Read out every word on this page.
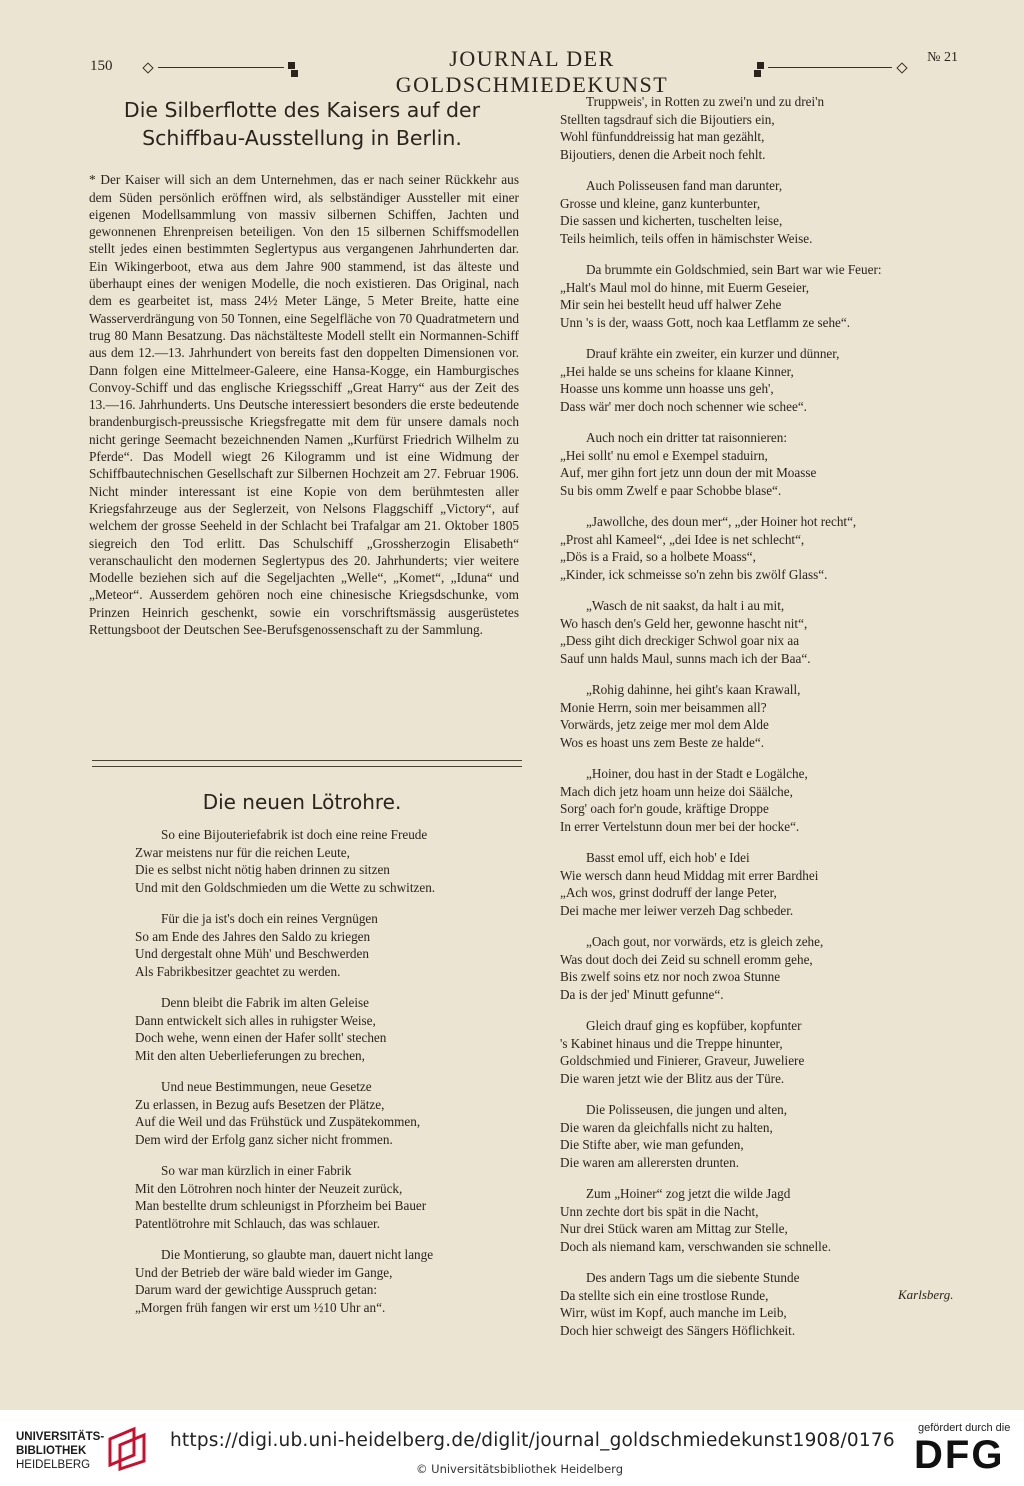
150	JOURNAL DER GOLDSCHMIEDEKUNST
№ 21
Die Silberflotte des Kaisers auf der
Schiffbau-Ausstellung in Berlin.

* Der Kaiser will sich an dem Unternehmen, das er nach seiner Rückkehr aus dem Süden persönlich eröffnen wird, als selbständiger Aussteller mit einer eigenen Modellsammlung von massiv silbernen Schiffen, Jachten und gewonnenen Ehrenpreisen beteiligen. Von den 15 silbernen Schiffsmodellen stellt jedes einen bestimmten Seglertypus aus vergangenen Jahrhunderten dar. Ein Wikingerboot, etwa aus dem Jahre 900 stammend, ist das älteste und überhaupt eines der wenigen Modelle, die noch existieren. Das Original, nach dem es gearbeitet ist, mass 24½ Meter Länge, 5 Meter Breite, hatte eine Wasserverdrängung von 50 Tonnen, eine Segelfläche von 70 Quadratmetern und trug 80 Mann Besatzung. Das nächstälteste Modell stellt ein Normannen-Schiff aus dem 12.—13. Jahrhundert von bereits fast den doppelten Dimensionen vor. Dann folgen eine Mittelmeer-Galeere, eine Hansa-Kogge, ein Hamburgisches Convoy-Schiff und das englische Kriegsschiff „Great Harry“ aus der Zeit des 13.—16. Jahrhunderts. Uns Deutsche interessiert besonders die erste bedeutende brandenburgisch-preussische Kriegsfregatte mit dem für unsere damals noch nicht geringe Seemacht bezeichnenden Namen „Kurfürst Friedrich Wilhelm zu Pferde“. Das Modell wiegt 26 Kilogramm und ist eine Widmung der Schiffbautechnischen Gesellschaft zur Silbernen Hochzeit am 27. Februar 1906. Nicht minder interessant ist eine Kopie von dem berühmtesten aller Kriegsfahrzeuge aus der Seglerzeit, von Nelsons Flaggschiff „Victory“, auf welchem der grosse Seeheld in der Schlacht bei Trafalgar am 21. Oktober 1805 siegreich den Tod erlitt. Das Schulschiff „Grossherzogin Elisabeth“ veranschaulicht den modernen Seglertypus des 20. Jahrhunderts; vier weitere Modelle beziehen sich auf die Segeljachten „Welle“, „Komet“, „Iduna“ und „Meteor“. Ausserdem gehören noch eine chinesische Kriegsdschunke, vom Prinzen Heinrich geschenkt, sowie ein vorschriftsmässig ausgerüstetes Rettungsboot der Deutschen See-Berufsgenossenschaft zu der Sammlung.

Die neuen Lötrohre.
So eine Bijouteriefabrik ist doch eine reine Freude
Zwar meistens nur für die reichen Leute,
Die es selbst nicht nötig haben drinnen zu sitzen
Und mit den Goldschmieden um die Wette zu schwitzen.
Für die ja ist's doch ein reines Vergnügen
So am Ende des Jahres den Saldo zu kriegen
Und dergestalt ohne Müh' und Beschwerden
Als Fabrikbesitzer geachtet zu werden.
Denn bleibt die Fabrik im alten Geleise
Dann entwickelt sich alles in ruhigster Weise,
Doch wehe, wenn einen der Hafer sollt' stechen
Mit den alten Ueberlieferungen zu brechen,
Und neue Bestimmungen, neue Gesetze
Zu erlassen, in Bezug aufs Besetzen der Plätze,
Auf die Weil und das Frühstück und Zuspätekommen,
Dem wird der Erfolg ganz sicher nicht frommen.
So war man kürzlich in einer Fabrik
Mit den Lötrohren noch hinter der Neuzeit zurück,
Man bestellte drum schleunigst in Pforzheim bei Bauer
Patentlötrohre mit Schlauch, das was schlauer.
Die Montierung, so glaubte man, dauert nicht lange
Und der Betrieb der wäre bald wieder im Gange,
Darum ward der gewichtige Ausspruch getan:
„Morgen früh fangen wir erst um ½10 Uhr an“.
Truppweis', in Rotten zu zwei'n und zu drei'n
Stellten tagsdrauf sich die Bijoutiers ein,
Wohl fünfunddreissig hat man gezählt,
Bijoutiers, denen die Arbeit noch fehlt.
Auch Polisseusen fand man darunter,
Grosse und kleine, ganz kunterbunter,
Die sassen und kicherten, tuschelten leise,
Teils heimlich, teils offen in hämischster Weise.
Da brummte ein Goldschmied, sein Bart war wie Feuer:
„Halt's Maul mol do hinne, mit Euerm Geseier,
Mir sein hei bestellt heud uff halwer Zehe
Unn 's is der, waass Gott, noch kaa Letflamm ze sehe“.
Drauf krähte ein zweiter, ein kurzer und dünner,
„Hei halde se uns scheins for klaane Kinner,
Hoasse uns komme unn hoasse uns geh',
Dass wär' mer doch noch schenner wie schee“.
Auch noch ein dritter tat raisonnieren:
„Hei sollt' nu emol e Exempel staduirn,
Auf, mer gihn fort jetz unn doun der mit Moasse
Su bis omm Zwelf e paar Schobbe blase“.
„Jawollche, des doun mer“, „der Hoiner hot recht“,
„Prost ahl Kameel“, „dei Idee is net schlecht“,
„Dös is a Fraid, so a holbete Moass“,
„Kinder, ick schmeisse so'n zehn bis zwölf Glass“.
„Wasch de nit saakst, da halt i au mit,
Wo hasch den's Geld her, gewonne hascht nit“,
„Dess giht dich dreckiger Schwol goar nix aa
Sauf unn halds Maul, sunns mach ich der Baa“.
„Rohig dahinne, hei giht's kaan Krawall,
Monie Herrn, soin mer beisammen all?
Vorwärds, jetz zeige mer mol dem Alde
Wos es hoast uns zem Beste ze halde“.
„Hoiner, dou hast in der Stadt e Logälche,
Mach dich jetz hoam unn heize doi Säälche,
Sorg' oach for'n goude, kräftige Droppe
In errer Vertelstunn doun mer bei der hocke“.
Basst emol uff, eich hob' e Idei
Wie wersch dann heud Middag mit errer Bardhei
„Ach wos, grinst dodruff der lange Peter,
Dei mache mer leiwer verzeh Dag schbeder.
„Oach gout, nor vorwärds, etz is gleich zehe,
Was dout doch dei Zeid su schnell eromm gehe,
Bis zwelf soins etz nor noch zwoa Stunne
Da is der jed' Minutt gefunne“.
Gleich drauf ging es kopfüber, kopfunter
's Kabinet hinaus und die Treppe hinunter,
Goldschmied und Finierer, Graveur, Juweliere
Die waren jetzt wie der Blitz aus der Türe.
Die Polisseusen, die jungen und alten,
Die waren da gleichfalls nicht zu halten,
Die Stifte aber, wie man gefunden,
Die waren am allerersten drunten.
Zum „Hoiner“ zog jetzt die wilde Jagd
Unn zechte dort bis spät in die Nacht,
Nur drei Stück waren am Mittag zur Stelle,
Doch als niemand kam, verschwanden sie schnelle.
Des andern Tags um die siebente Stunde
Da stellte sich ein eine trostlose Runde,
Wirr, wüst im Kopf, auch manche im Leib,
Doch hier schweigt des Sängers Höflichkeit.
Karlsberg.
UNIVERSITÄTS-
BIBLIOTHEK
HEIDELBERG
https://digi.ub.uni-heidelberg.de/diglit/journal_goldschmiedekunst1908/0176
© Universitätsbibliothek Heidelberg
gefördert durch die
DFG
